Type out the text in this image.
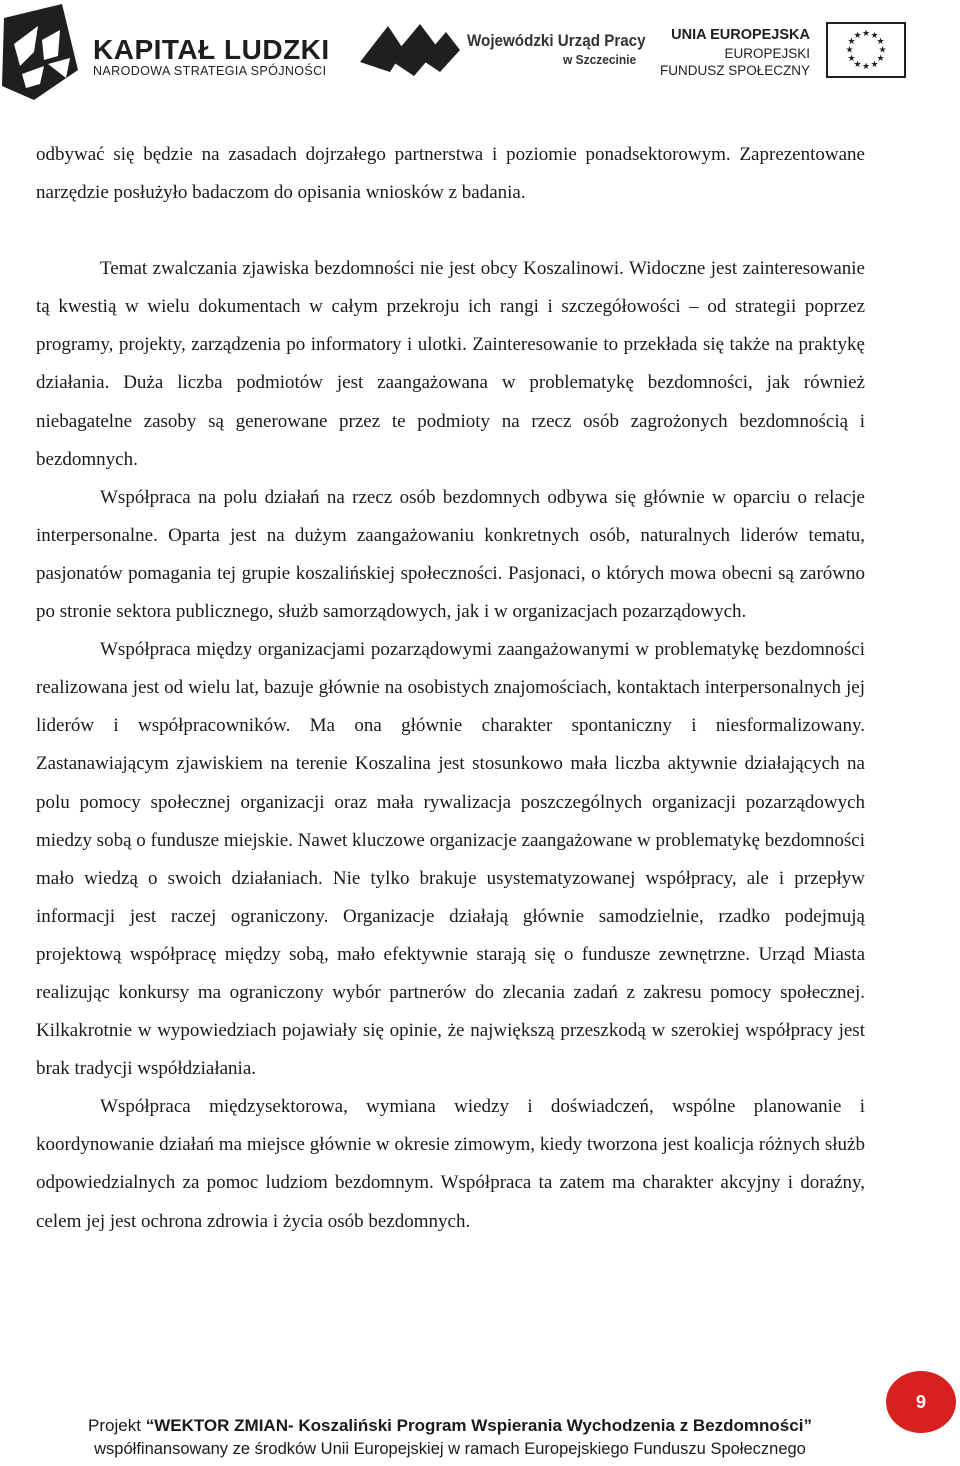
KAPITAŁ LUDZKI
NARODOWA STRATEGIA SPÓJNOŚCI
Wojewódzki Urząd Pracy
w Szczecinie
UNIA EUROPEJSKA
EUROPEJSKI
FUNDUSZ SPOŁECZNY
★ ★
★
★
★
★
★
★
★
★
★
★

odbywać się będzie na zasadach dojrzałego partnerstwa i poziomie ponadsektorowym. Zaprezentowane narzędzie posłużyło badaczom do opisania wniosków z badania.

Temat zwalczania zjawiska bezdomności nie jest obcy Koszalinowi. Widoczne jest zainteresowanie tą kwestią w wielu dokumentach w całym przekroju ich rangi i szczegółowości – od strategii poprzez programy, projekty, zarządzenia po informatory i ulotki. Zainteresowanie to przekłada się także na praktykę działania. Duża liczba podmiotów jest zaangażowana w problematykę bezdomności, jak również niebagatelne zasoby są generowane przez te podmioty na rzecz osób zagrożonych bezdomnością i bezdomnych.

Współpraca na polu działań na rzecz osób bezdomnych odbywa się głównie w oparciu o relacje interpersonalne. Oparta jest na dużym zaangażowaniu konkretnych osób, naturalnych liderów tematu, pasjonatów pomagania tej grupie koszalińskiej społeczności. Pasjonaci, o których mowa obecni są zarówno po stronie sektora publicznego, służb samorządowych, jak i w organizacjach pozarządowych.

Współpraca między organizacjami pozarządowymi zaangażowanymi w problematykę bezdomności realizowana jest od wielu lat, bazuje głównie na osobistych znajomościach, kontaktach interpersonalnych jej liderów i współpracowników. Ma ona głównie charakter spontaniczny i niesformalizowany. Zastanawiającym zjawiskiem na terenie Koszalina jest stosunkowo mała liczba aktywnie działających na polu pomocy społecznej organizacji oraz mała rywalizacja poszczególnych organizacji pozarządowych miedzy sobą o fundusze miejskie. Nawet kluczowe organizacje zaangażowane w problematykę bezdomności mało wiedzą o swoich działaniach. Nie tylko brakuje usystematyzowanej współpracy, ale i przepływ informacji jest raczej ograniczony. Organizacje działają głównie samodzielnie, rzadko podejmują projektową współpracę między sobą, mało efektywnie starają się o fundusze zewnętrzne. Urząd Miasta realizując konkursy ma ograniczony wybór partnerów do zlecania zadań z zakresu pomocy społecznej. Kilkakrotnie w wypowiedziach pojawiały się opinie, że największą przeszkodą w szerokiej współpracy jest brak tradycji współdziałania.

Współpraca międzysektorowa, wymiana wiedzy i doświadczeń, wspólne planowanie i koordynowanie działań ma miejsce głównie w okresie zimowym, kiedy tworzona jest koalicja różnych służb odpowiedzialnych za pomoc ludziom bezdomnym. Współpraca ta zatem ma charakter akcyjny i doraźny, celem jej jest ochrona zdrowia i życia osób bezdomnych.

Projekt “WEKTOR ZMIAN- Koszaliński Program Wspierania Wychodzenia z Bezdomności”
współfinansowany ze środków Unii Europejskiej w ramach Europejskiego Funduszu Społecznego
9
